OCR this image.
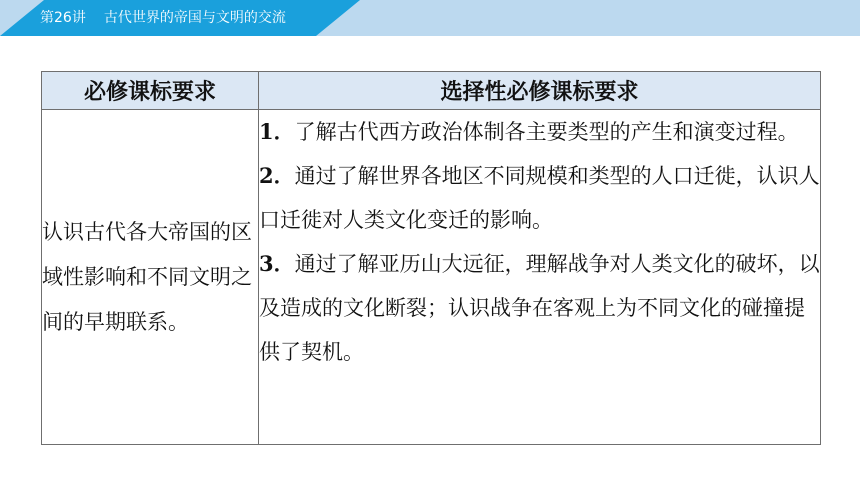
第26讲 古代世界的帝国与文明的交流
必修课标要求	选择性必修课标要求
认识古代各大帝国的区域性影响和不同文明之间的早期联系。	1．了解古代西方政治体制各主要类型的产生和演变过程。

2．通过了解世界各地区不同规模和类型的人口迁徙，认识人口迁徙对人类文化变迁的影响。

3．通过了解亚历山大远征，理解战争对人类文化的破坏，以及造成的文化断裂；认识战争在客观上为不同文化的碰撞提供了契机。
